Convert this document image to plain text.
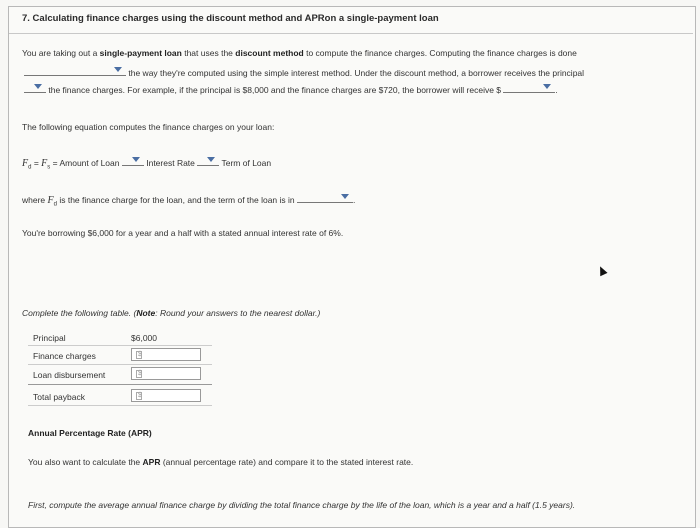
7. Calculating finance charges using the discount method and APRon a single-payment loan
You are taking out a single-payment loan that uses the discount method to compute the finance charges. Computing the finance charges is done
the way they're computed using the simple interest method. Under the discount method, a borrower receives the principal
the finance charges. For example, if the principal is $8,000 and the finance charges are $720, the borrower will receive $	.
The following equation computes the finance charges on your loan:
$F_d = F_s$ = Amount of Loan	Interest Rate	Term of Loan
where $F_d$ is the finance charge for the loan, and the term of the loan is in	.
You're borrowing $6,000 for a year and a half with a stated annual interest rate of 6%.
Complete the following table. (Note: Round your answers to the nearest dollar.)
Principal	$6,000
Finance charges	$
Loan disbursement	$
Total payback	$
Annual Percentage Rate (APR)
You also want to calculate the APR (annual percentage rate) and compare it to the stated interest rate.
First, compute the average annual finance charge by dividing the total finance charge by the life of the loan, which is a year and a half (1.5 years).
